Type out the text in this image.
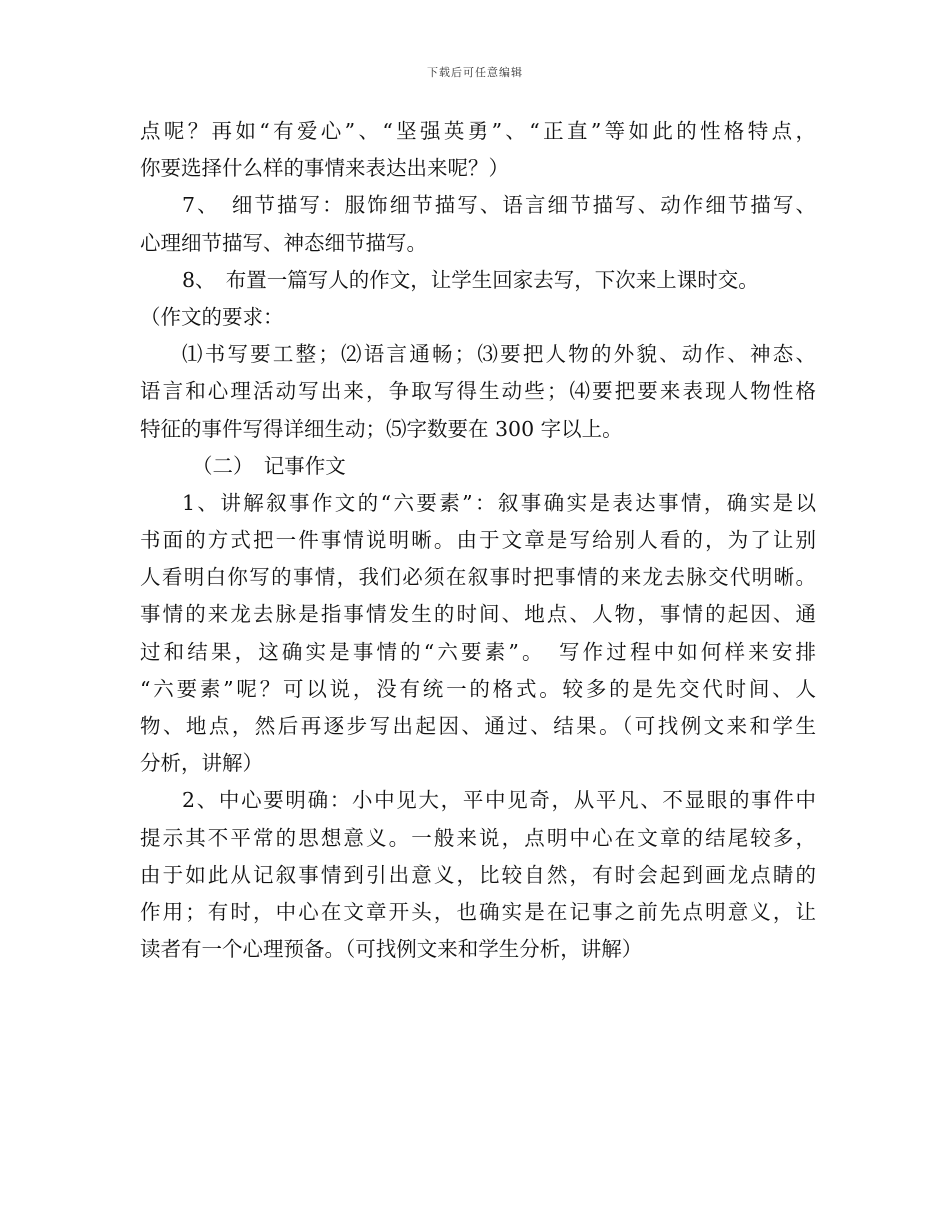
下载后可任意编辑
点呢？再如“有爱心”、“坚强英勇”、“正直”等如此的性格特点，
你要选择什么样的事情来表达出来呢？）
7、　细节描写：服饰细节描写、语言细节描写、动作细节描写、
心理细节描写、神态细节描写。
8、　布置一篇写人的作文，让学生回家去写，下次来上课时交。
（作文的要求：
⑴书写要工整；⑵语言通畅；⑶要把人物的外貌、动作、神态、
语言和心理活动写出来，争取写得生动些；⑷要把要来表现人物性格
特征的事件写得详细生动；⑸字数要在 300 字以上。
（二）　记事作文
1、讲解叙事作文的“六要素”：叙事确实是表达事情，确实是以
书面的方式把一件事情说明晰。由于文章是写给别人看的，为了让别
人看明白你写的事情，我们必须在叙事时把事情的来龙去脉交代明晰。
事情的来龙去脉是指事情发生的时间、地点、人物，事情的起因、通
过和结果，这确实是事情的“六要素”。　写作过程中如何样来安排
“六要素”呢？可以说，没有统一的格式。较多的是先交代时间、人
物、地点，然后再逐步写出起因、通过、结果。（可找例文来和学生
分析，讲解）
2、中心要明确：小中见大，平中见奇，从平凡、不显眼的事件中
提示其不平常的思想意义。一般来说，点明中心在文章的结尾较多，
由于如此从记叙事情到引出意义，比较自然，有时会起到画龙点睛的
作用；有时，中心在文章开头，也确实是在记事之前先点明意义，让
读者有一个心理预备。（可找例文来和学生分析，讲解）
